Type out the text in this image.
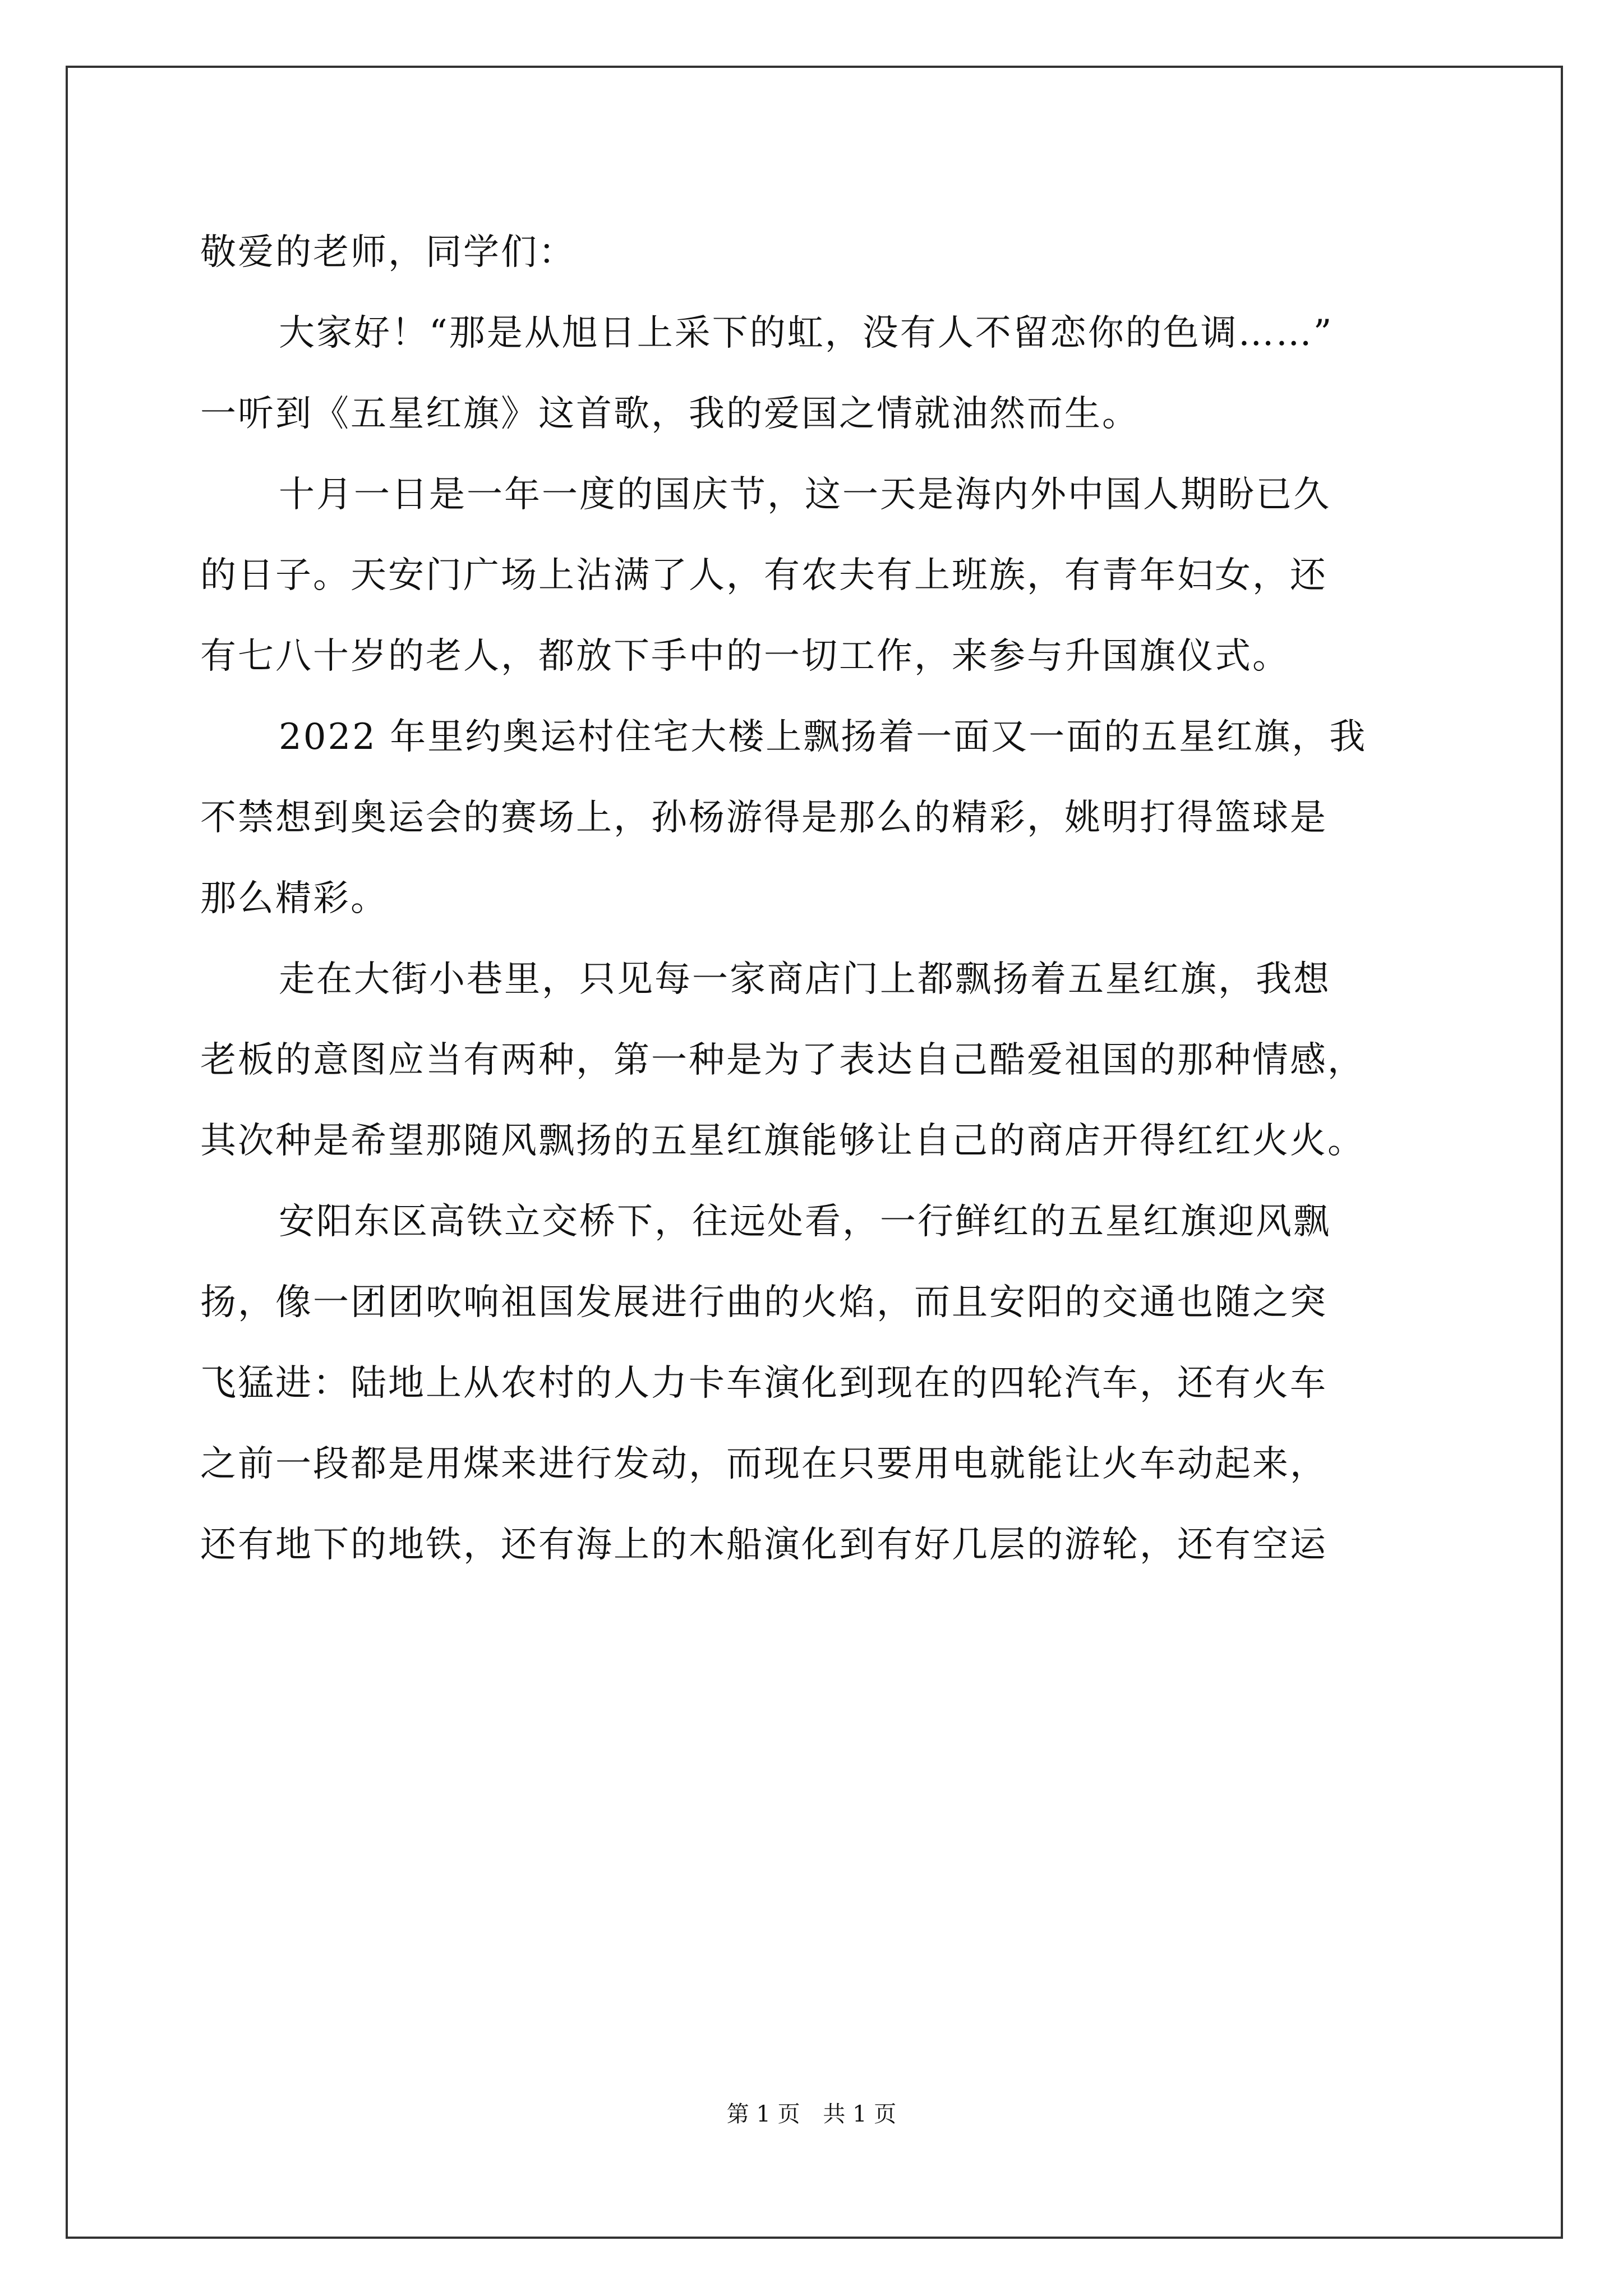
敬爱的老师，同学们：
大家好！“那是从旭日上采下的虹，没有人不留恋你的色调……”
一听到《五星红旗》这首歌，我的爱国之情就油然而生。
十月一日是一年一度的国庆节，这一天是海内外中国人期盼已久
的日子。天安门广场上沾满了人，有农夫有上班族，有青年妇女，还
有七八十岁的老人，都放下手中的一切工作，来参与升国旗仪式。
2022 年里约奥运村住宅大楼上飘扬着一面又一面的五星红旗，我
不禁想到奥运会的赛场上，孙杨游得是那么的精彩，姚明打得篮球是
那么精彩。
走在大街小巷里，只见每一家商店门上都飘扬着五星红旗，我想
老板的意图应当有两种，第一种是为了表达自己酷爱祖国的那种情感，
其次种是希望那随风飘扬的五星红旗能够让自己的商店开得红红火火。
安阳东区高铁立交桥下，往远处看，一行鲜红的五星红旗迎风飘
扬，像一团团吹响祖国发展进行曲的火焰，而且安阳的交通也随之突
飞猛进：陆地上从农村的人力卡车演化到现在的四轮汽车，还有火车
之前一段都是用煤来进行发动，而现在只要用电就能让火车动起来，
还有地下的地铁，还有海上的木船演化到有好几层的游轮，还有空运
第 1 页 共 1 页
